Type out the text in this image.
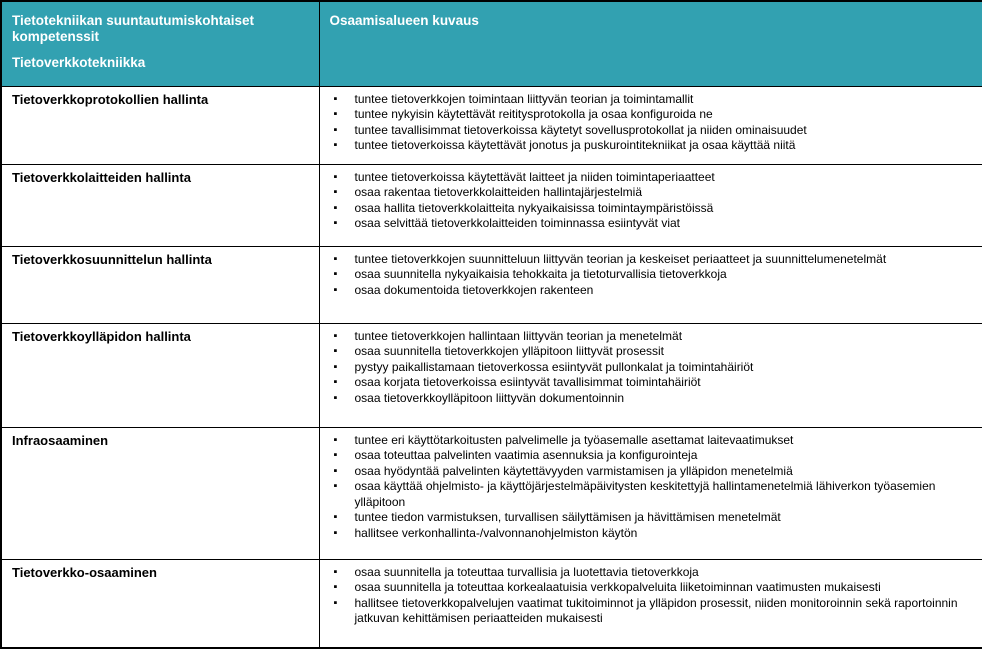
Tietotekniikan suuntautumiskohtaiset kompetenssit

Tietoverkkotekniikka	Osaamisalueen kuvaus

Tietoverkkoprotokollien hallinta	
▪tuntee tietoverkkojen toimintaan liittyvän teorian ja toimintamallit
▪ tuntee nykyisin käytettävät reititysprotokolla ja osaa konfiguroida ne
▪ tuntee tavallisimmat tietoverkoissa käytetyt sovellusprotokollat ja niiden ominaisuudet
▪ tuntee tietoverkoissa käytettävät jonotus ja puskurointitekniikat ja osaa käyttää niitä

Tietoverkkolaitteiden hallinta	
▪tuntee tietoverkoissa käytettävät laitteet ja niiden toimintaperiaatteet
▪ osaa rakentaa tietoverkkolaitteiden hallintajärjestelmiä
▪ osaa hallita tietoverkkolaitteita nykyaikaisissa toimintaympäristöissä
▪ osaa selvittää tietoverkkolaitteiden toiminnassa esiintyvät viat

Tietoverkkosuunnittelun hallinta	
▪tuntee tietoverkkojen suunnitteluun liittyvän teorian ja keskeiset periaatteet ja suunnittelumenetelmät
▪ osaa suunnitella nykyaikaisia tehokkaita ja tietoturvallisia tietoverkkoja
▪ osaa dokumentoida tietoverkkojen rakenteen

Tietoverkkoylläpidon hallinta	
▪tuntee tietoverkkojen hallintaan liittyvän teorian ja menetelmät
▪ osaa suunnitella tietoverkkojen ylläpitoon liittyvät prosessit
▪ pystyy paikallistamaan tietoverkossa esiintyvät pullonkalat ja toimintahäiriöt
▪ osaa korjata tietoverkoissa esiintyvät tavallisimmat toimintahäiriöt
▪ osaa tietoverkkoylläpitoon liittyvän dokumentoinnin

Infraosaaminen	
▪tuntee eri käyttötarkoitusten palvelimelle ja työasemalle asettamat laitevaatimukset
▪ osaa toteuttaa palvelinten vaatimia asennuksia ja konfigurointeja
▪ osaa hyödyntää palvelinten käytettävyyden varmistamisen ja ylläpidon menetelmiä
▪ osaa käyttää ohjelmisto- ja käyttöjärjestelmäpäivitysten keskitettyjä hallintamenetelmiä lähiverkon työasemien ylläpitoon
▪ tuntee tiedon varmistuksen, turvallisen säilyttämisen ja hävittämisen menetelmät
▪ hallitsee verkonhallinta-/valvonnanohjelmiston käytön

Tietoverkko-osaaminen	
▪osaa suunnitella ja toteuttaa turvallisia ja luotettavia tietoverkkoja
▪ osaa suunnitella ja toteuttaa korkealaatuisia verkkopalveluita liiketoiminnan vaatimusten mukaisesti
▪ hallitsee tietoverkkopalvelujen vaatimat tukitoiminnot ja ylläpidon prosessit, niiden monitoroinnin sekä raportoinnin jatkuvan kehittämisen periaatteiden mukaisesti
